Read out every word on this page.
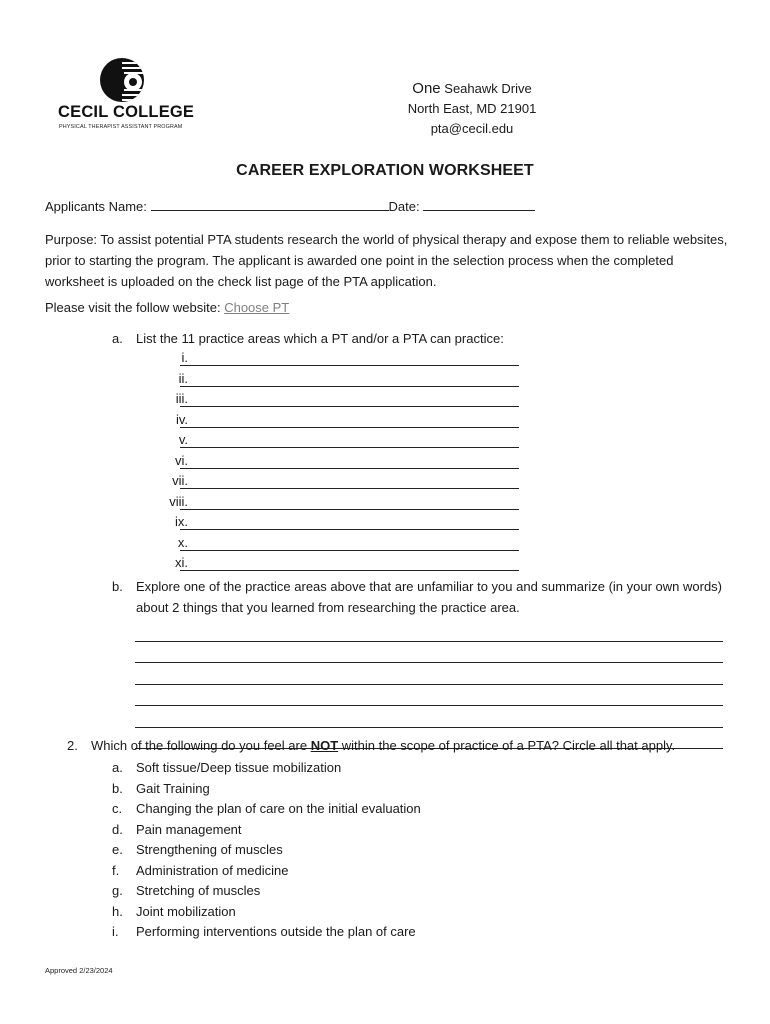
CECIL COLLEGE
PHYSICAL THERAPIST ASSISTANT PROGRAM
One Seahawk Drive
North East, MD 21901
pta@cecil.edu
CAREER EXPLORATION WORKSHEET
Applicants Name:	Date:
Purpose: To assist potential PTA students research the world of physical therapy and expose them to reliable websites, prior to starting the program. The applicant is awarded one point in the selection process when the completed worksheet is uploaded on the check list page of the PTA application.
Please visit the follow website: Choose PT
a. List the 11 practice areas which a PT and/or a PTA can practice:
i.
ii.
iii.
iv.
v.
vi.
vii.
viii.
ix.
x.
xi.
b. Explore one of the practice areas above that are unfamiliar to you and summarize (in your own words) about 2 things that you learned from researching the practice area.
2. Which of the following do you feel are NOT within the scope of practice of a PTA? Circle all that apply.
a. Soft tissue/Deep tissue mobilization
b. Gait Training
c. Changing the plan of care on the initial evaluation
d. Pain management
e. Strengthening of muscles
f. Administration of medicine
g. Stretching of muscles
h. Joint mobilization
i. Performing interventions outside the plan of care
Approved 2/23/2024
